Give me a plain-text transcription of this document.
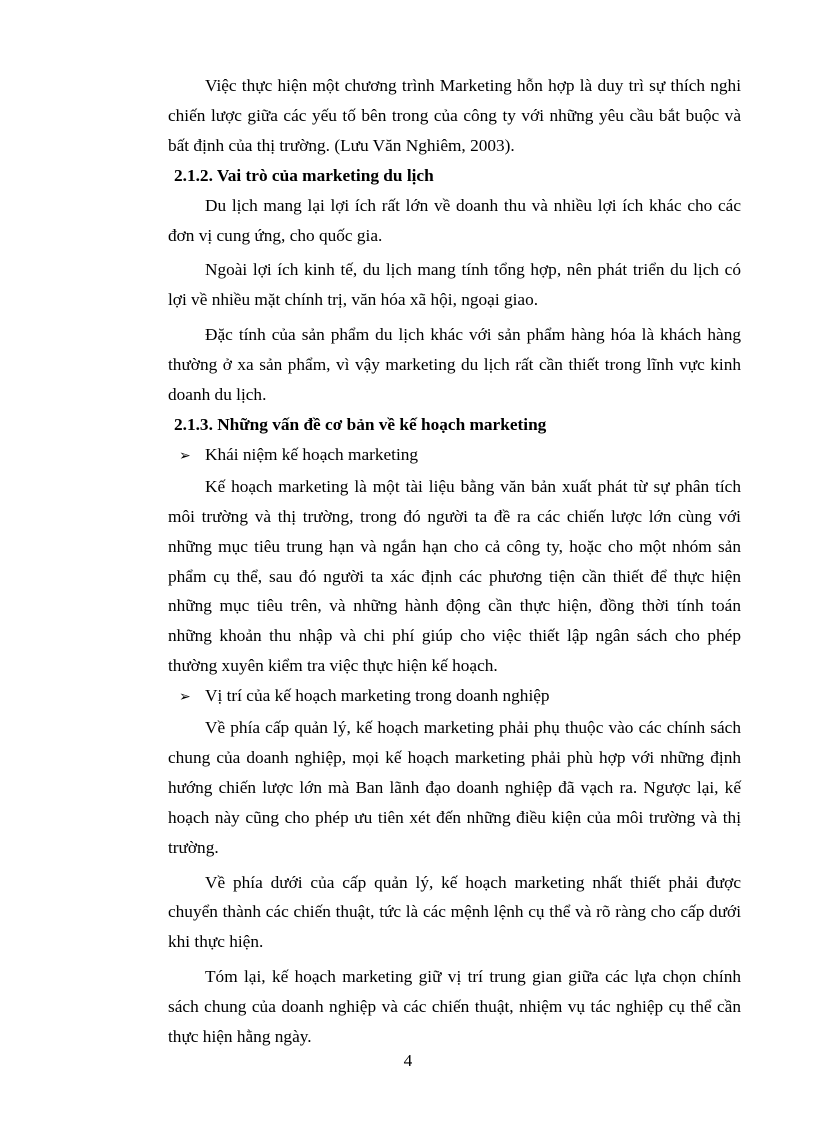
Việc thực hiện một chương trình Marketing hỗn hợp là duy trì sự thích nghi chiến lược giữa các yếu tố bên trong của công ty với những yêu cầu bắt buộc và bất định của thị trường. (Lưu Văn Nghiêm, 2003).

2.1.2. Vai trò của marketing du lịch

Du lịch mang lại lợi ích rất lớn về doanh thu và nhiều lợi ích khác cho các đơn vị cung ứng, cho quốc gia.

Ngoài lợi ích kinh tế, du lịch mang tính tổng hợp, nên phát triển du lịch có lợi về nhiều mặt chính trị, văn hóa xã hội, ngoại giao.

Đặc tính của sản phẩm du lịch khác với sản phẩm hàng hóa là khách hàng thường ở xa sản phẩm, vì vậy marketing du lịch rất cần thiết trong lĩnh vực kinh doanh du lịch.

2.1.3. Những vấn đề cơ bản về kế hoạch marketing
➢ Khái niệm kế hoạch marketing

Kế hoạch marketing là một tài liệu bằng văn bản xuất phát từ sự phân tích môi trường và thị trường, trong đó người ta đề ra các chiến lược lớn cùng với những mục tiêu trung hạn và ngắn hạn cho cả công ty, hoặc cho một nhóm sản phẩm cụ thể, sau đó người ta xác định các phương tiện cần thiết để thực hiện những mục tiêu trên, và những hành động cần thực hiện, đồng thời tính toán những khoản thu nhập và chi phí giúp cho việc thiết lập ngân sách cho phép thường xuyên kiểm tra việc thực hiện kế hoạch.

➢ Vị trí của kế hoạch marketing trong doanh nghiệp

Về phía cấp quản lý, kế hoạch marketing phải phụ thuộc vào các chính sách chung của doanh nghiệp, mọi kế hoạch marketing phải phù hợp với những định hướng chiến lược lớn mà Ban lãnh đạo doanh nghiệp đã vạch ra. Ngược lại, kế hoạch này cũng cho phép ưu tiên xét đến những điều kiện của môi trường và thị trường.

Về phía dưới của cấp quản lý, kế hoạch marketing nhất thiết phải được chuyển thành các chiến thuật, tức là các mệnh lệnh cụ thể và rõ ràng cho cấp dưới khi thực hiện.

Tóm lại, kế hoạch marketing giữ vị trí trung gian giữa các lựa chọn chính sách chung của doanh nghiệp và các chiến thuật, nhiệm vụ tác nghiệp cụ thể cần thực hiện hằng ngày.

4
